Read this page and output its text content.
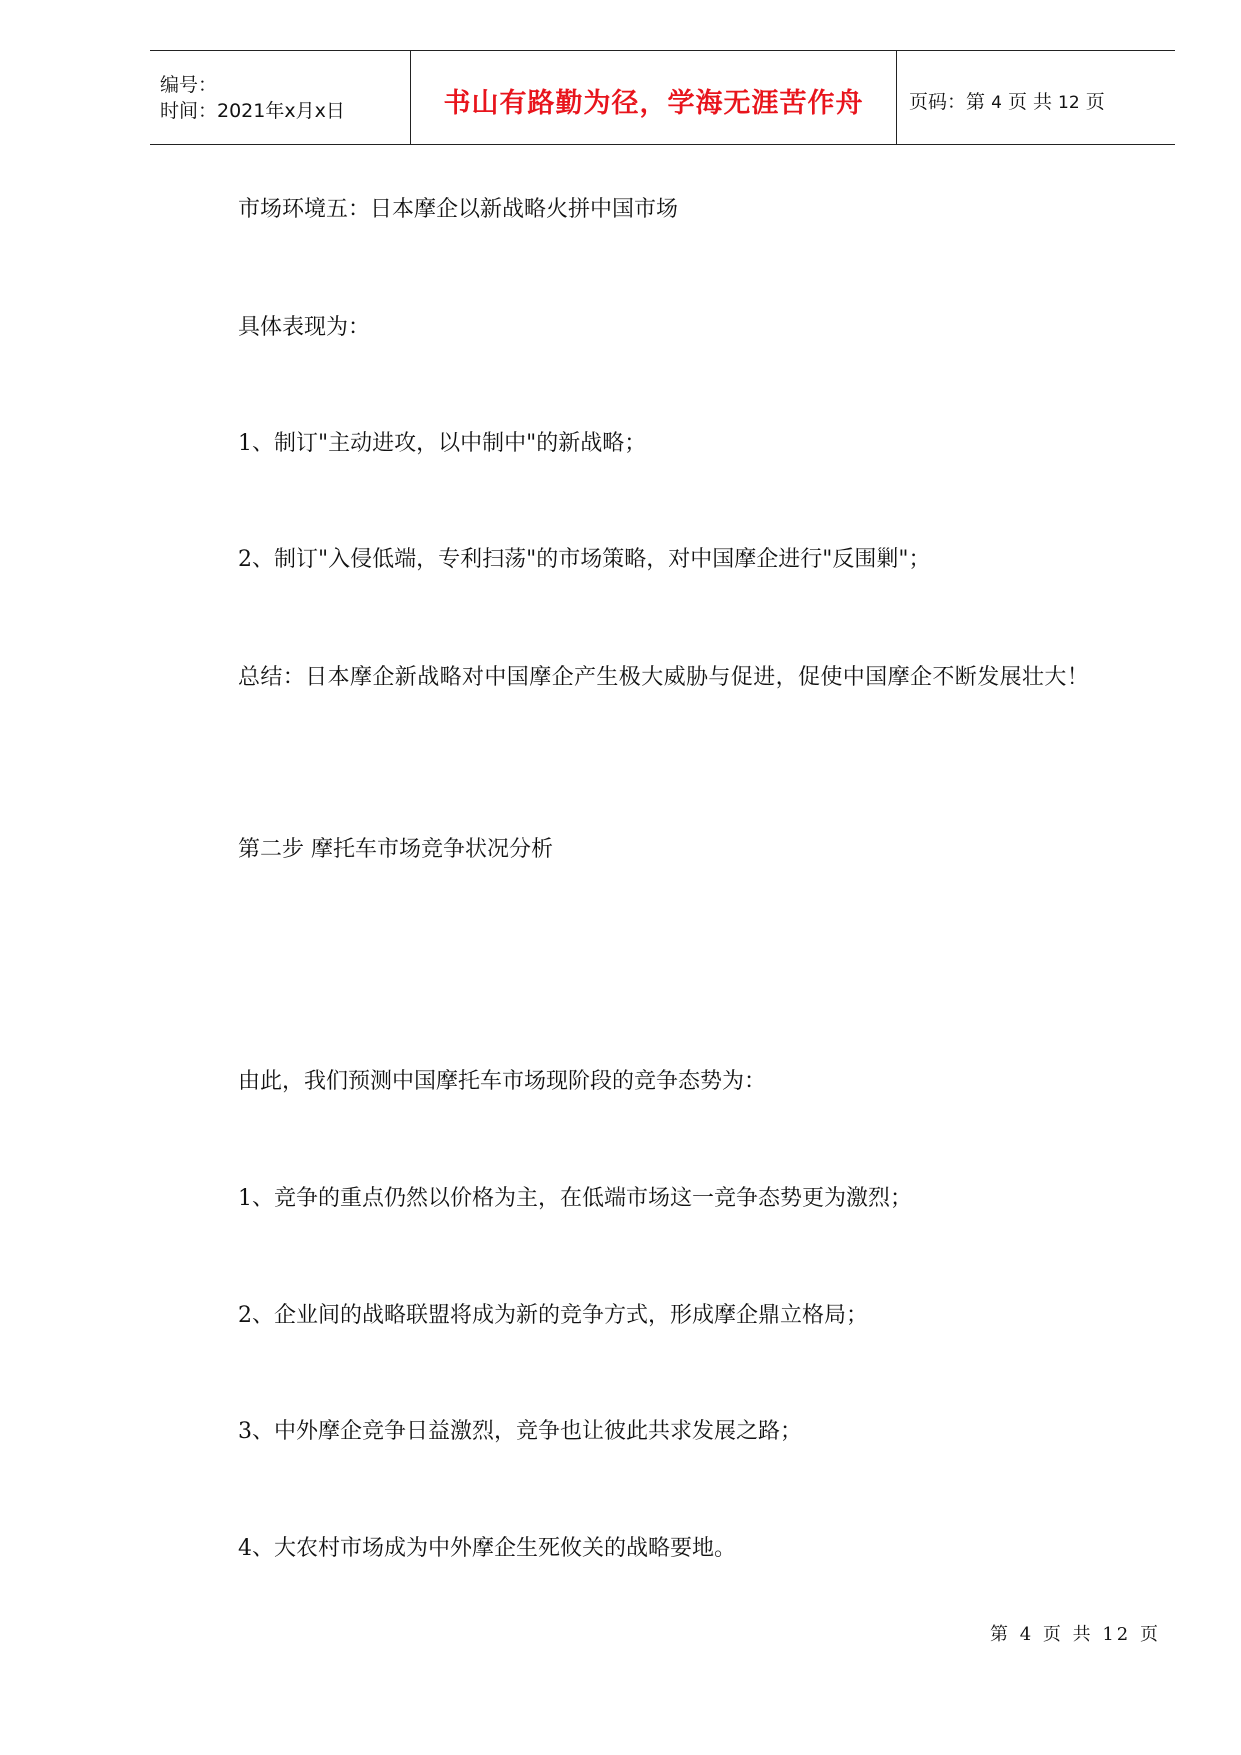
编号：
时间：2021年x月x日	书山有路勤为径，学海无涯苦作舟 页码：第 4 页 共 12 页
市场环境五：日本摩企以新战略火拼中国市场
具体表现为：
1、制订"主动进攻，以中制中"的新战略；
2、制订"入侵低端，专利扫荡"的市场策略，对中国摩企进行"反围剿"；
总结：日本摩企新战略对中国摩企产生极大威胁与促进，促使中国摩企不断发展壮大！
第二步 摩托车市场竞争状况分析
由此，我们预测中国摩托车市场现阶段的竞争态势为：
1、竞争的重点仍然以价格为主，在低端市场这一竞争态势更为激烈；
2、企业间的战略联盟将成为新的竞争方式，形成摩企鼎立格局；
3、中外摩企竞争日益激烈，竞争也让彼此共求发展之路；
4、大农村市场成为中外摩企生死攸关的战略要地。
第 4 页 共 12 页
